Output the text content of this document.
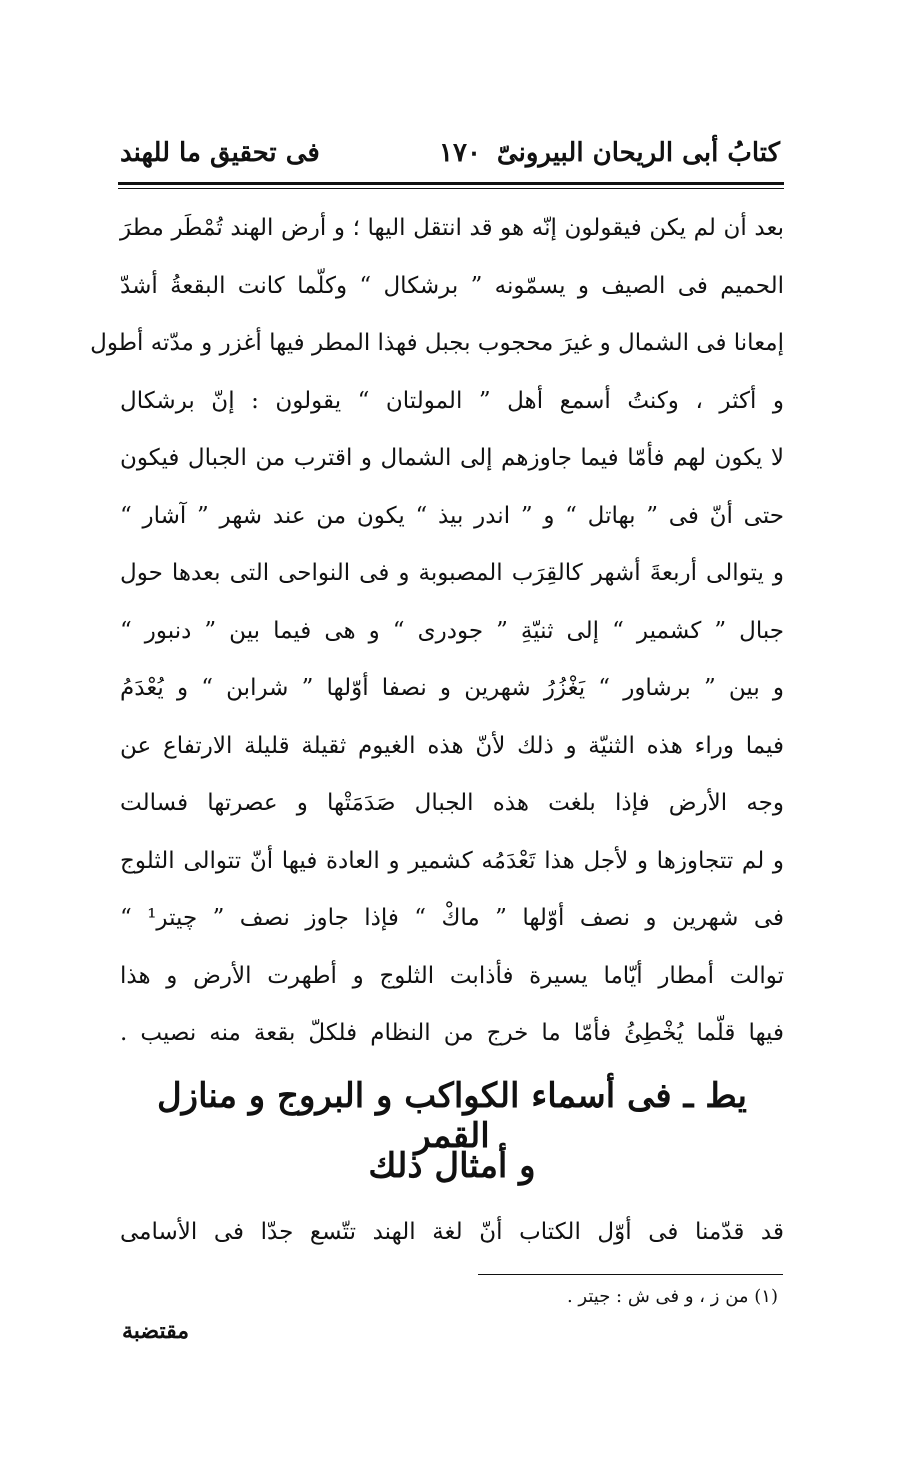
كتابُ أبى الريحان البيرونىّ
١٧٠
فى تحقيق ما للهند
بعد أن لم يكن فيقولون إنّه هو قد انتقل اليها ؛ و أرض الهند تُمْطَر مطرَ
الحميم فى الصيف و يسمّونه ” برشكال “ وكلّما كانت البقعةُ أشدّ
إمعانا فى الشمال و غيرَ محجوب بجبل فهذا المطر فيها أغزر و مدّته أطول
و أكثر ، وكنتُ أسمع أهل ” المولتان “ يقولون : إنّ برشكال
لا يكون لهم فأمّا فيما جاوزهم إلى الشمال و اقترب من الجبال فيكون
حتى أنّ فى ” بهاتل “ و ” اندر بيذ “ يكون من عند شهر ” آشار “
و يتوالى أربعةَ أشهر كالقِرَب المصبوبة و فى النواحى التى بعدها حول
جبال ” كشمير “ إلى ثنيّةِ ” جودرى “ و هى فيما بين ” دنبور “
و بين ” برشاور “ يَغْزُرُ شهرين و نصفا أوّلها ” شرابن “ و يُعْدَمُ
فيما وراء هذه الثنيّة و ذلك لأنّ هذه الغيوم ثقيلة قليلة الارتفاع عن
وجه الأرض فإذا بلغت هذه الجبال صَدَمَتْها و عصرتها فسالت
و لم تتجاوزها و لأجل هذا تَعْدَمُه كشمير و العادة فيها أنّ تتوالى الثلوج
فى شهرين و نصف أوّلها ” ماكْ “ فإذا جاوز نصف ” چيتر¹ “
توالت أمطار أيّاما يسيرة فأذابت الثلوج و أطهرت الأرض و هذا
فيها قلّما يُخْطِئُ فأمّا ما خرج من النظام فلكلّ بقعة منه نصيب .
يط ـ فى أسماء الكواكب و البروج و منازل القمر
و أمثال ذلك
قد قدّمنا فى أوّل الكتاب أنّ لغة الهند تتّسع جدّا فى الأسامى
(١) من ز ، و فى ش : جيتر .
مقتضبة
